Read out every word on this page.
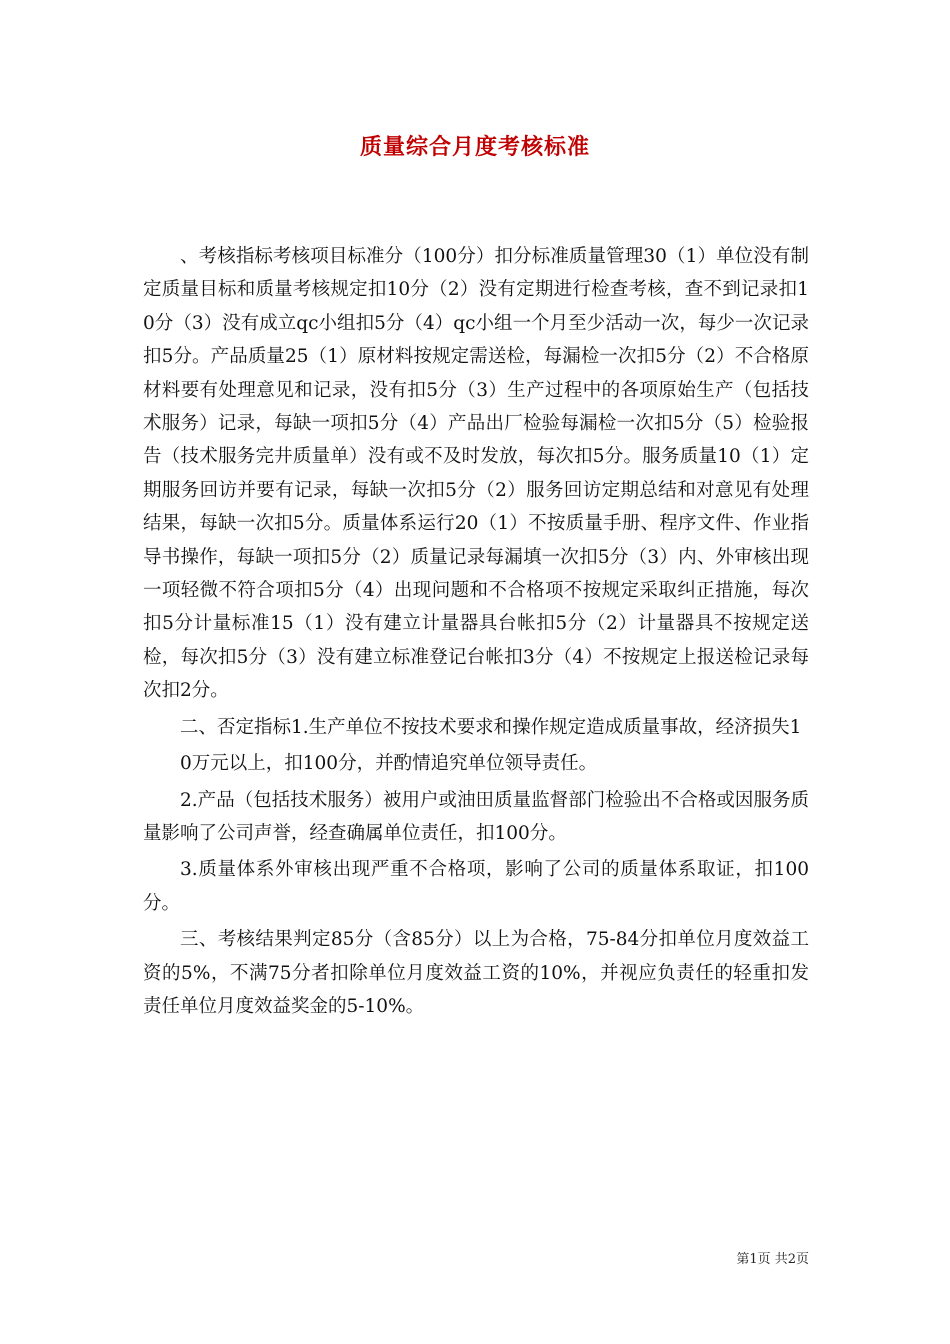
质量综合月度考核标准

、考核指标考核项目标准分（100分）扣分标准质量管理30（1）单位没有制定质量目标和质量考核规定扣10分（2）没有定期进行检查考核，查不到记录扣10分（3）没有成立qc小组扣5分（4）qc小组一个月至少活动一次，每少一次记录扣5分。产品质量25（1）原材料按规定需送检，每漏检一次扣5分（2）不合格原材料要有处理意见和记录，没有扣5分（3）生产过程中的各项原始生产（包括技术服务）记录，每缺一项扣5分（4）产品出厂检验每漏检一次扣5分（5）检验报告（技术服务完井质量单）没有或不及时发放，每次扣5分。服务质量10（1）定期服务回访并要有记录，每缺一次扣5分（2）服务回访定期总结和对意见有处理结果，每缺一次扣5分。质量体系运行20（1）不按质量手册、程序文件、作业指导书操作，每缺一项扣5分（2）质量记录每漏填一次扣5分（3）内、外审核出现一项轻微不符合项扣5分（4）出现问题和不合格项不按规定采取纠正措施，每次扣5分计量标准15（1）没有建立计量器具台帐扣5分（2）计量器具不按规定送检，每次扣5分（3）没有建立标准登记台帐扣3分（4）不按规定上报送检记录每次扣2分。

二、否定指标1.生产单位不按技术要求和操作规定造成质量事故，经济损失1

0万元以上，扣100分，并酌情追究单位领导责任。

2.产品（包括技术服务）被用户或油田质量监督部门检验出不合格或因服务质量影响了公司声誉，经查确属单位责任，扣100分。

3.质量体系外审核出现严重不合格项，影响了公司的质量体系取证，扣100分。

三、考核结果判定85分（含85分）以上为合格，75-84分扣单位月度效益工资的5%，不满75分者扣除单位月度效益工资的10%，并视应负责任的轻重扣发责任单位月度效益奖金的5-10%。

第1页 共2页
